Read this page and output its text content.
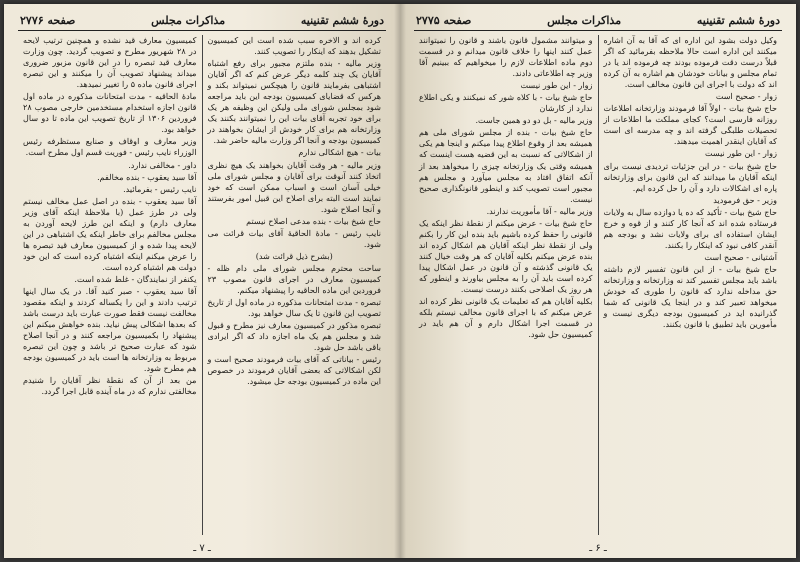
دورهٔ ششم تقنینیه
مذاکرات مجلس
صفحه ۲۷۷۶

کرده اند و الاخره سبب شده است این کمیسیون تشکیل بدهند که اینکار را تصویب کنند.

وزیر مالیه - بنده ملتزم مجبور برای رفع اشتباه آقایان یک چند کلمه دیگر عرض کنم که اگر آقایان اشتباهی بفرمایند قانون را هیچکس نمیتواند بکند و هرکس که قضایای کمیسیون بودجه این باید مراجعه شود بمجلس شورای ملی ولیکن این وظیفه هر یک برای خود تجربه آقای بیات این را نمیتوانند بکنند یک وزارتخانه هم برای کار خودش از ایشان بخواهند در کمیسیون بودجه و آنجا اگر وزارت مالیه حاضر شد.

بیات - هیچ اشکالی ندارم

وزیر مالیه - هر وقت آقایان بخواهند یک هیچ نظری اتخاذ کنند آنوقت برای آقایان و مجلس شورای ملی خیلی آسان است و اسباب ممکن است که خود نمایند است البته برای اصلاح این قبیل امور بفرستند و آنجا اصلاح شود.

حاج شیخ بیات - بنده مدعی اصلاح نیستم

نایب رئیس - مادهٔ الحاقیهٔ آقای بیات قرائت می شود.

(بشرح ذیل قرائت شد)

ساحت محترم مجلس شورای ملی دام ظله - کمیسیون معارف در اجرای قانون مصوب ۲۳ فروردین این ماده الحاقیه را پیشنهاد میکنم.

تبصره - مدت امتحانات مذکوره در ماده اول از تاریخ تصویب این قانون تا یک سال خواهد بود.

تبصره مذکور در کمیسیون معارف نیز مطرح و قبول شد و مجلس هم یک ماه اجازه داد که اگر ایرادی باقی باشد حل شود.

رئیس - بیاناتی که آقای بیات فرمودند صحیح است و لکن اشکالاتی که بعضی آقایان فرمودند در خصوص این ماده در کمیسیون بودجه حل میشود.

کمیسیون معارف قید نشده و همچنین ترتیب لایحه در ۲۸ شهریور مطرح و تصویب گردید. چون وزارت معارف قید تبصره را در این قانون مزبور ضروری میداند پیشنهاد تصویب آن را میکنند و این تبصره اجرای قانون ماده ۵ را تغییر نمیدهد.

مادهٔ الحاقیه - مدت امتحانات مذکوره در ماده اول قانون اجازه استخدام مستخدمین خارجی مصوب ۲۸ فروردین ۱۳۰۶ از تاریخ تصویب این ماده تا دو سال خواهد بود.

وزیر معارف و اوقاف و صنایع مستظرفه رئیس الوزراء نایب رئیس - فوریت قسم اول مطرح است.

داور - مخالفی ندارد.

آقا سید یعقوب - بنده مخالفم.

نایب رئیس - بفرمائید.

آقا سید یعقوب - بنده در اصل عمل مخالف نیستم ولی در طرز عمل (با ملاحظهٔ اینکه آقای وزیر معارف دارم) و اینکه این طرز لایحه آوردن به مجلس مخالفم برای خاطر اینکه یک اشتباهی در این لایحه پیدا شده و از کمیسیون معارف قید تبصره ها را عرض میکنم اینکه اشتباه کرده است که این خود دولت هم اشتباه کرده است.

یکنفر از نمایندگان - غلط شده است.

آقا سید یعقوب - صبر کنید آقا. در یک سال اینها ترتیب دادند و این را یکساله کردند و اینکه مقصود مخالفت نیست فقط صورت عبارت باید درست باشد که بعدها اشکالی پیش نیاید. بنده خواهش میکنم این پیشنهاد را بکمیسیون مراجعه کنند و در آنجا اصلاح شود که عبارت صحیح تر باشد و چون این تبصره مربوط به وزارتخانه ها است باید در کمیسیون بودجه هم مطرح شود.

من بعد از آن که نقطهٔ نظر آقایان را شنیدم مخالفتی ندارم که در ماه آینده قابل اجرا گردد.

ـ ۷ ـ
دورهٔ ششم تقنینیه
مذاکرات مجلس
صفحه ۲۷۷۵

وکیل دولت بشود این اداره ای که آقا به آن اشاره میکنند این اداره است حالا ملاحظه بفرمائید که اگر قبلاً درست دقت فرموده بودند چه فرموده اند یا در تمام مجلس و بیانات خودشان هم اشاره به آن کرده اند که دولت با اجرای این قانون مخالف است.

زوار - صحیح است

حاج شیخ بیات - اولاً آقا فرمودند وزارتخانه اطلاعات روزانه فارسی است؟ کجای مملکت ما اطلاعات از تحصیلات طلبگی گرفته اند و چه مدرسه ای است که آقایان اینقدر اهمیت میدهند.

زوار - این طور نیست

حاج شیخ بیات - در این جزئیات تردیدی نیست برای اینکه آقایان ما میدانند که این قانون برای وزارتخانه پاره ای اشکالات دارد و آن را حل کرده ایم.

وزیر - حق فرمودید

حاج شیخ بیات - تأکید که ده یا دوازده سال به ولایات فرستاده شده اند که آنجا کار کنند و از قوه و خرج ایشان استفاده ای برای ولایات نشد و بودجه هم آنقدر کافی نبود که اینکار را بکنند.

آشتیانی - صحیح است

حاج شیخ بیات - از این قانون تفسیر لازم داشته باشد باید مجلس تفسیر کند نه وزارتخانه و وزارتخانه حق مداخله ندارد که قانون را طوری که خودش میخواهد تعبیر کند و در اینجا یک قانونی که شما گذرانیده اید در کمیسیون بودجه دیگری نیست و مأمورین باید تطبیق با قانون بکنند.

و میتوانند مشمول قانون باشند و قانون را نمیتوانند عمل کنند اینها را خلاف قانون میدانم و در قسمت دوم ماده اطلاعات لازم را میخواهیم که ببینیم آقا وزیر چه اطلاعاتی دادند.

زوار - این طور نیست

حاج شیخ بیات - با کلاه شور که نمیکنند و یکی اطلاع ندارد از کارشان

وزیر مالیه - بل دو دو همین جاست.

حاج شیخ بیات - بنده از مجلس شورای ملی هم همیشه بعد از وقوع اطلاع پیدا میکنم و اینجا هم یکی از اشکالاتی که نسبت به این قضیه هست اینست که همیشه وقتی یک وزارتخانه چیزی را میخواهد بعد از آنکه اتفاق افتاد به مجلس میآورد و مجلس هم مجبور است تصویب کند و اینطور قانونگذاری صحیح نیست.

وزیر مالیه - آقا مأموریت ندارند.

حاج شیخ بیات - عرض میکنم از نقطهٔ نظر اینکه یک قانونی را حفظ کرده باشیم باید بنده این کار را بکنم ولی از نقطهٔ نظر اینکه آقایان هم اشکال کرده اند بنده عرض میکنم بکلیه آقایان که هر وقت خیال کنند یک قانونی گذشته و آن قانون در عمل اشکال پیدا کرده است باید آن را به مجلس بیاورند و اینطور که هر روز یک اصلاحی بکنند درست نیست.

بکلیه آقایان هم که تعلیمات یک قانونی نظر کرده اند عرض میکنم که با اجرای قانون مخالف نیستم بلکه در قسمت اجرا اشکال دارم و آن هم باید در کمیسیون حل شود.

ـ ۶ ـ
